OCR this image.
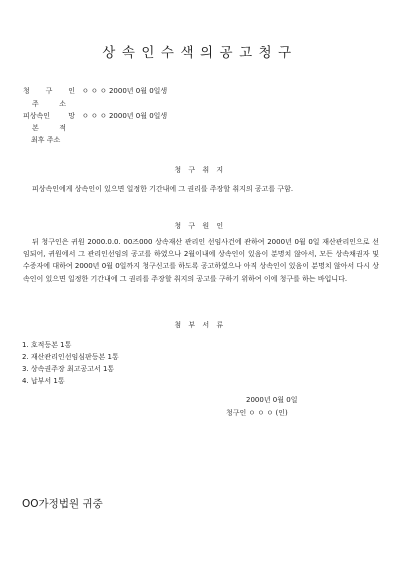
상속인수색의공고청구
청 구 인 ㅇ ㅇ ㅇ 2000년 0월 0일생
주 소
피상속인 망 ㅇ ㅇ ㅇ 2000년 0월 0일생
본 적
최후 주소
청 구 취 지
피상속인에게 상속인이 있으면 일정한 기간내에 그 권리를 주장할 취지의 공고를 구함.
청 구 원 인
뒤 청구인은 귀원 2000.0.0. 00즈000 상속재산 관리인 선임사건에 관하여 2000년 0월 0일 재산관리인으로 선임되어, 귀원에서 그 관리인선임의 공고를 하였으나 2월이내에 상속인이 있음이 분명치 않아서, 모든 상속채권자 및 수증자에 대하여 2000년 0월 0일까지 청구신고를 하도록 공고하였으나 아직 상속인이 있음이 분명치 않아서 다시 상속인이 있으면 일정한 기간내에 그 권리를 주장할 취지의 공고를 구하기 위하여 이에 청구를 하는 바입니다.
첨 부 서 류
1. 호적등본 1통
2. 재산관리인선임심판등본 1통
3. 상속권주장 최고공고서 1통
4. 납부서 1통
2000년 0월 0일
청구인 ㅇ ㅇ ㅇ (인)
OO가정법원 귀중
